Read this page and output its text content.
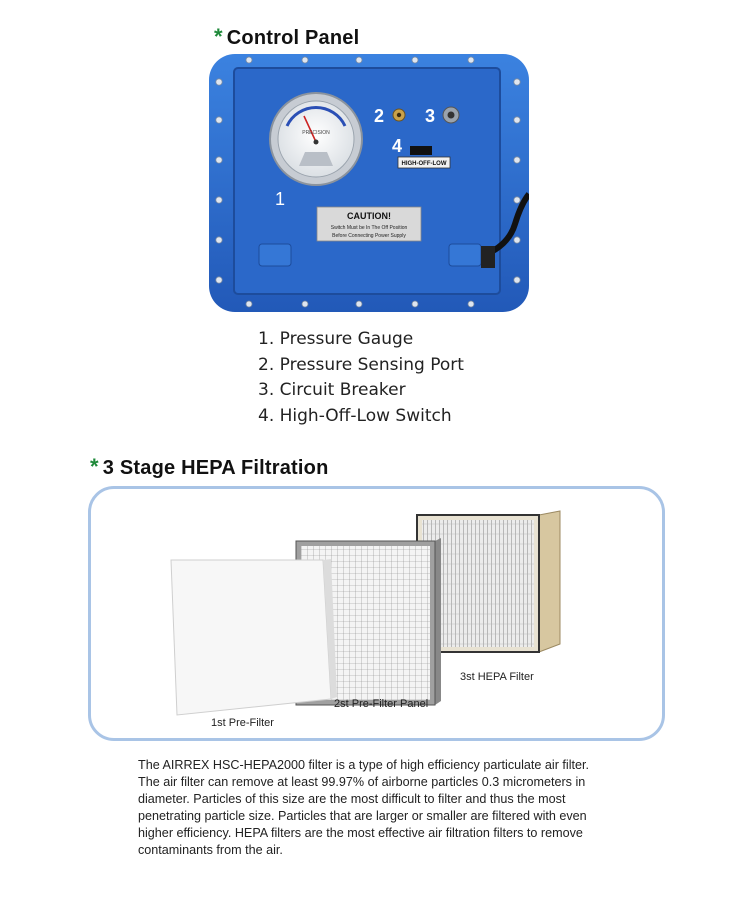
* Control Panel
PRECISION
HIGH-OFF-LOW
1
2 3
4
CAUTION!
Switch Must be In The Off Position
Before Connecting Power Supply
1. Pressure Gauge
2. Pressure Sensing Port
3. Circuit Breaker
4. High-Off-Low Switch
* 3 Stage HEPA Filtration
1st Pre-Filter
2st Pre-Filter Panel
3st HEPA Filter

The AIRREX HSC-HEPA2000 filter is a type of high efficiency particulate air filter. The air filter can remove at least 99.97% of airborne particles 0.3 micrometers in diameter. Particles of this size are the most difficult to filter and thus the most penetrating particle size. Particles that are larger or smaller are filtered with even higher efficiency. HEPA filters are the most effective air filtration filters to remove contaminants from the air.
